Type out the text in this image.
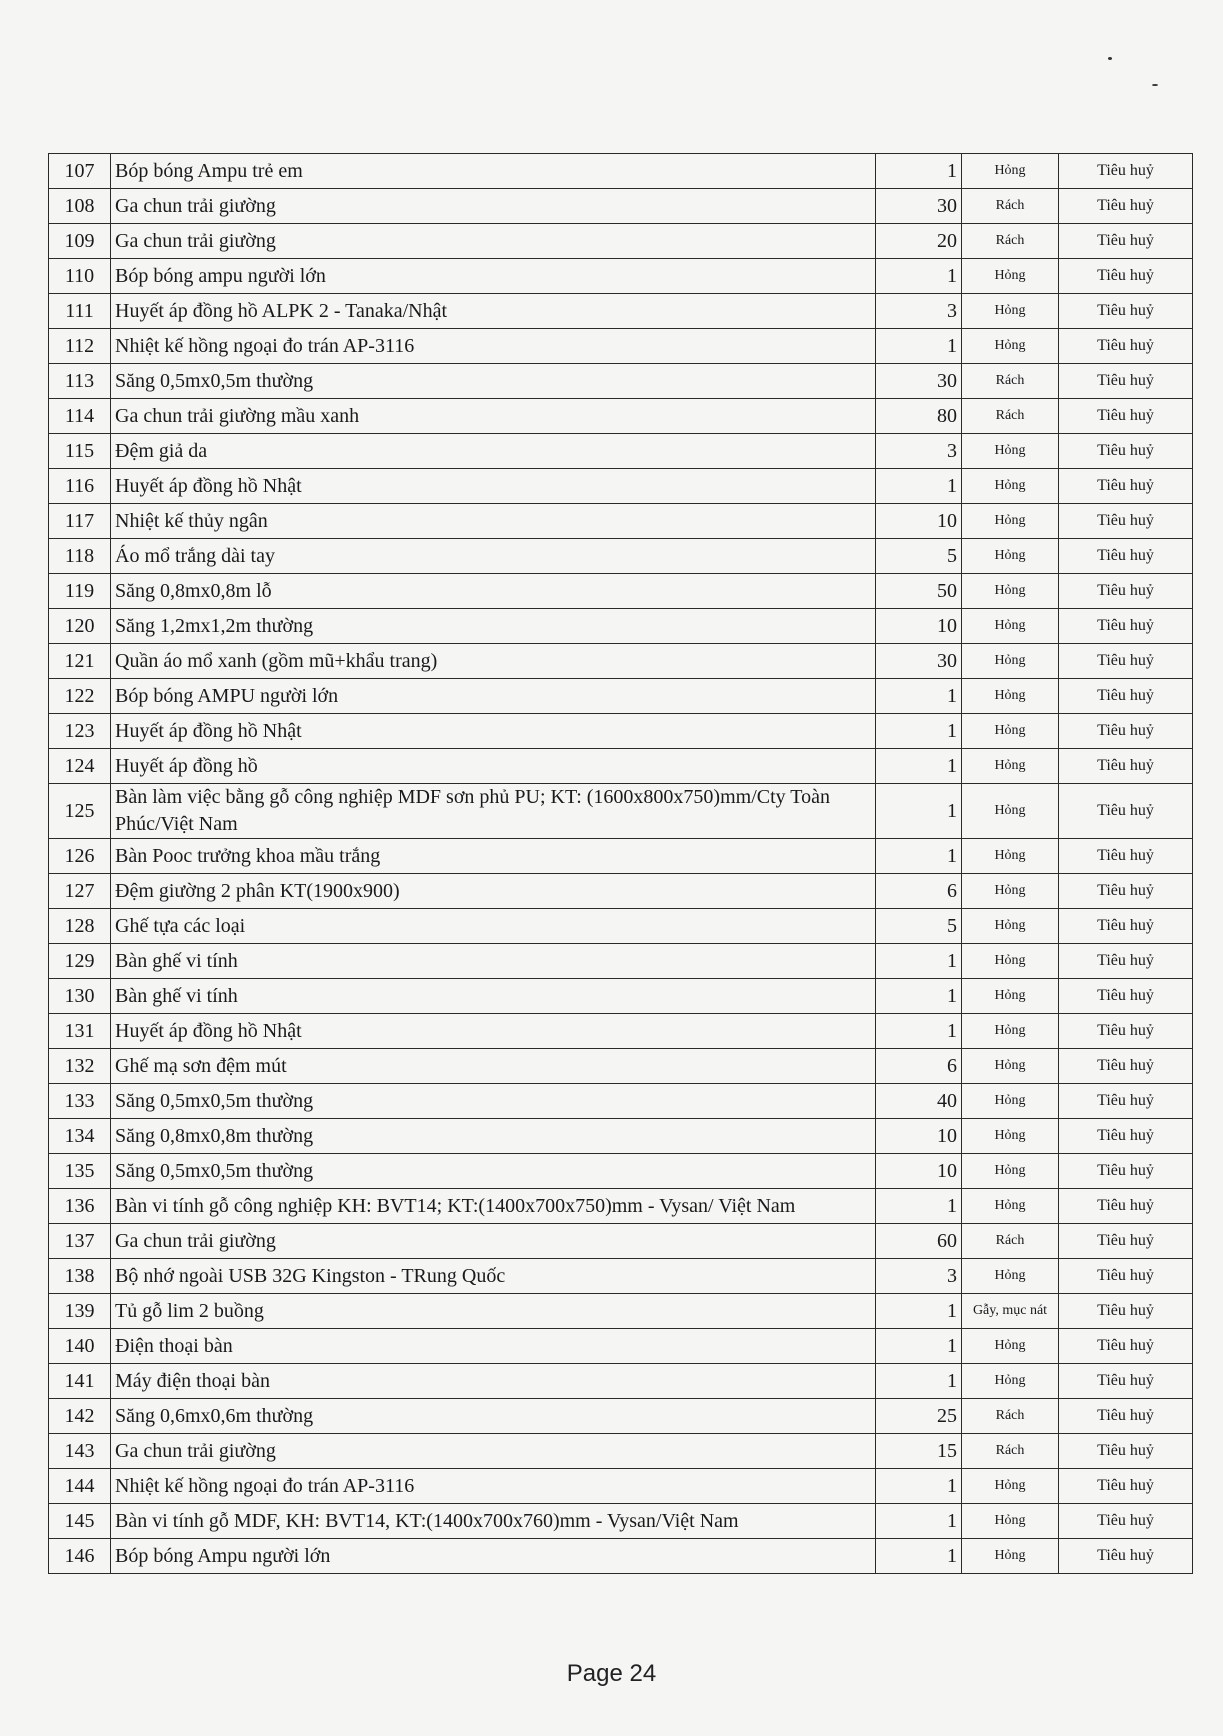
107	Bóp bóng Ampu trẻ em	1	Hỏng	Tiêu huỷ
108	Ga chun trải giường	30	Rách	Tiêu huỷ
109	Ga chun trải giường	20	Rách	Tiêu huỷ
110	Bóp bóng ampu người lớn	1	Hỏng	Tiêu huỷ
111	Huyết áp đồng hồ ALPK 2 - Tanaka/Nhật	3	Hỏng	Tiêu huỷ
112	Nhiệt kế hồng ngoại đo trán AP-3116	1	Hỏng	Tiêu huỷ
113	Săng 0,5mx0,5m thường	30	Rách	Tiêu huỷ
114	Ga chun trải giường mầu xanh	80	Rách	Tiêu huỷ
115	Đệm giả da	3	Hỏng	Tiêu huỷ
116	Huyết áp đồng hồ Nhật	1	Hỏng	Tiêu huỷ
117	Nhiệt kế thủy ngân	10	Hỏng	Tiêu huỷ
118	Áo mổ trắng dài tay	5	Hỏng	Tiêu huỷ
119	Săng 0,8mx0,8m lỗ	50	Hỏng	Tiêu huỷ
120	Săng 1,2mx1,2m thường	10	Hỏng	Tiêu huỷ
121	Quần áo mổ xanh (gồm mũ+khẩu trang)	30	Hỏng	Tiêu huỷ
122	Bóp bóng AMPU người lớn	1	Hỏng	Tiêu huỷ
123	Huyết áp đồng hồ Nhật	1	Hỏng	Tiêu huỷ
124	Huyết áp đồng hồ	1	Hỏng	Tiêu huỷ
125	Bàn làm việc bằng gỗ công nghiệp MDF sơn phủ PU; KT: (1600x800x750)mm/Cty Toàn Phúc/Việt Nam	1	Hỏng	Tiêu huỷ
126	Bàn Pooc trưởng khoa mầu trắng	1	Hỏng	Tiêu huỷ
127	Đệm giường 2 phân KT(1900x900)	6	Hỏng	Tiêu huỷ
128	Ghế tựa các loại	5	Hỏng	Tiêu huỷ
129	Bàn ghế vi tính	1	Hỏng	Tiêu huỷ
130	Bàn ghế vi tính	1	Hỏng	Tiêu huỷ
131	Huyết áp đồng hồ Nhật	1	Hỏng	Tiêu huỷ
132	Ghế mạ sơn đệm mút	6	Hỏng	Tiêu huỷ
133	Săng 0,5mx0,5m thường	40	Hỏng	Tiêu huỷ
134	Săng 0,8mx0,8m thường	10	Hỏng	Tiêu huỷ
135	Săng 0,5mx0,5m thường	10	Hỏng	Tiêu huỷ
136	Bàn vi tính gỗ công nghiệp KH: BVT14; KT:(1400x700x750)mm - Vysan/ Việt Nam	1	Hỏng	Tiêu huỷ
137	Ga chun trải giường	60	Rách	Tiêu huỷ
138	Bộ nhớ ngoài USB 32G Kingston - TRung Quốc	3	Hỏng	Tiêu huỷ
139	Tủ gỗ lim 2 buồng	1	Gẫy, mục nát	Tiêu huỷ
140	Điện thoại bàn	1	Hỏng	Tiêu huỷ
141	Máy điện thoại bàn	1	Hỏng	Tiêu huỷ
142	Săng 0,6mx0,6m thường	25	Rách	Tiêu huỷ
143	Ga chun trải giường	15	Rách	Tiêu huỷ
144	Nhiệt kế hồng ngoại đo trán AP-3116	1	Hỏng	Tiêu huỷ
145	Bàn vi tính gỗ MDF, KH: BVT14, KT:(1400x700x760)mm - Vysan/Việt Nam	1	Hỏng	Tiêu huỷ
146	Bóp bóng Ampu người lớn	1	Hỏng	Tiêu huỷ
Page 24
